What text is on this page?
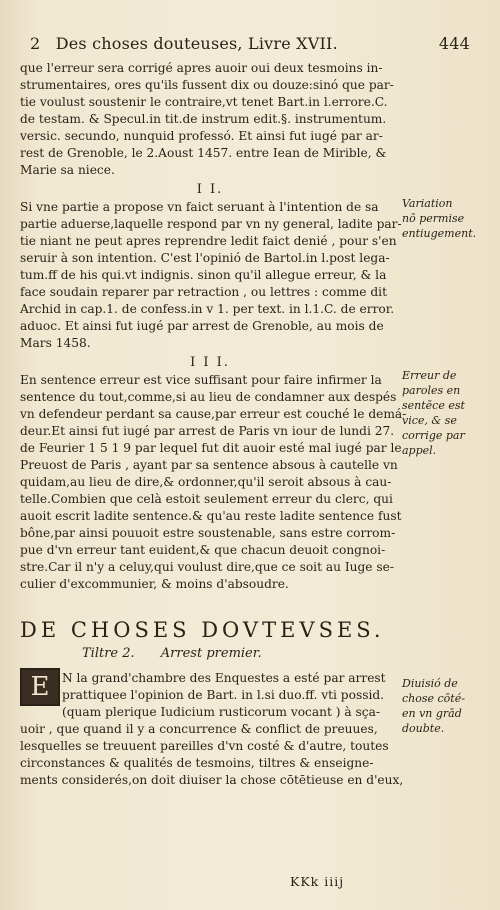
2 Des choses douteuses, Livre XVII.	444
que l'erreur sera corrigé apres auoir oui deux tesmoins in-
strumentaires, ores qu'ils fussent dix ou douze:sinó que par-
tie voulust soustenir le contraire,vt tenet Bart.in l.errore.C.
de testam. & Specul.in tit.de instrum edit.§. instrumentum.
versic. secundo, nunquid professó. Et ainsi fut iugé par ar-
rest de Grenoble, le 2.Aoust 1457. entre Iean de Mirible, &
Marie sa niece.
I I.
Si vne partie a propose vn faict seruant à l'intention de sa
partie aduerse,laquelle respond par vn ny general, ladite par-
tie niant ne peut apres reprendre ledit faict denié , pour s'en
seruir à son intention. C'est l'opinió de Bartol.in l.post lega-
tum.ff de his qui.vt indignis. sinon qu'il allegue erreur, & la
face soudain reparer par retraction , ou lettres : comme dit
Archid in cap.1. de confess.in v 1. per text. in l.1.C. de error.
aduoc. Et ainsi fut iugé par arrest de Grenoble, au mois de
Mars 1458.
Variation
nō permise
entiugement.
I I I.
En sentence erreur est vice suffisant pour faire infirmer la
sentence du tout,comme,si au lieu de condamner aux despés
vn defendeur perdant sa cause,par erreur est couché le demá-
deur.Et ainsi fut iugé par arrest de Paris vn iour de lundi 27.
de Feurier 1 5 1 9 par lequel fut dit auoir esté mal iugé par le
Preuost de Paris , ayant par sa sentence absous à cautelle vn
quidam,au lieu de dire,& ordonner,qu'il seroit absous à cau-
telle.Combien que celà estoit seulement erreur du clerc, qui
auoit escrit ladite sentence.& qu'au reste ladite sentence fust
bône,par ainsi pouuoit estre soustenable, sans estre corrom-
pue d'vn erreur tant euident,& que chacun deuoit congnoi-
stre.Car il n'y a celuy,qui voulust dire,que ce soit au Iuge se-
culier d'excommunier, & moins d'absoudre.
Erreur de
paroles en
sentēce est
vice, & se
corrige par
appel.
DE CHOSES DOVTEVSES.
Tiltre 2. Arrest premier.
E	N la grand'chambre des Enquestes a esté par arrest
prattiquee l'opinion de Bart. in l.si duo.ff. vti possid.
(quam plerique Iudicium rusticorum vocant ) à sça-
uoir , que quand il y a concurrence & conflict de preuues,
lesquelles se treuuent pareilles d'vn costé & d'autre, toutes
circonstances & qualités de tesmoins, tiltres & enseigne-
ments considerés,on doit diuiser la chose cōtētieuse en d'eux,
Diuisió de
chose cōté-
en vn grād
doubte.
KKk iiij
